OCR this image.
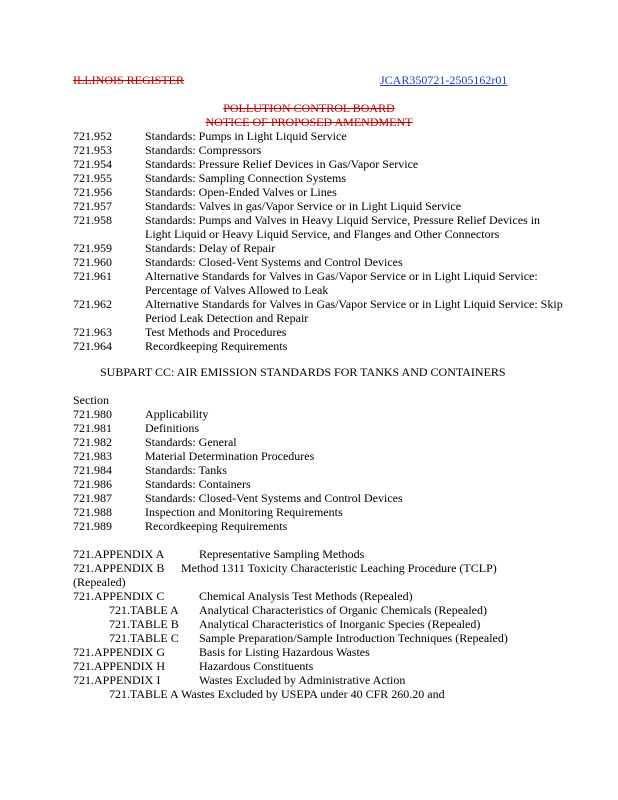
ILLINOIS REGISTER	JCAR350721-2505162r01
POLLUTION CONTROL BOARD
NOTICE OF PROPOSED AMENDMENT
721.952	Standards: Pumps in Light Liquid Service
721.953	Standards: Compressors
721.954	Standards: Pressure Relief Devices in Gas/Vapor Service
721.955	Standards: Sampling Connection Systems
721.956	Standards: Open-Ended Valves or Lines
721.957	Standards: Valves in gas/Vapor Service or in Light Liquid Service
721.958	Standards: Pumps and Valves in Heavy Liquid Service, Pressure Relief Devices in Light Liquid or Heavy Liquid Service, and Flanges and Other Connectors
721.959	Standards: Delay of Repair
721.960	Standards: Closed-Vent Systems and Control Devices
721.961	Alternative Standards for Valves in Gas/Vapor Service or in Light Liquid Service: Percentage of Valves Allowed to Leak
721.962	Alternative Standards for Valves in Gas/Vapor Service or in Light Liquid Service: Skip Period Leak Detection and Repair
721.963	Test Methods and Procedures
721.964	Recordkeeping Requirements
SUBPART CC: AIR EMISSION STANDARDS FOR TANKS AND CONTAINERS
Section
721.980	Applicability
721.981	Definitions
721.982	Standards: General
721.983	Material Determination Procedures
721.984	Standards: Tanks
721.986	Standards: Containers
721.987	Standards: Closed-Vent Systems and Control Devices
721.988	Inspection and Monitoring Requirements
721.989	Recordkeeping Requirements
721.APPENDIX A	Representative Sampling Methods
721.APPENDIX B Method 1311 Toxicity Characteristic Leaching Procedure (TCLP)
(Repealed)
721.APPENDIX C	Chemical Analysis Test Methods (Repealed)
721.TABLE A Analytical Characteristics of Organic Chemicals (Repealed)
721.TABLE B Analytical Characteristics of Inorganic Species (Repealed)
721.TABLE C Sample Preparation/Sample Introduction Techniques (Repealed)
721.APPENDIX G	Basis for Listing Hazardous Wastes
721.APPENDIX H	Hazardous Constituents
721.APPENDIX I	Wastes Excluded by Administrative Action
721.TABLE A Wastes Excluded by USEPA under 40 CFR 260.20 and
